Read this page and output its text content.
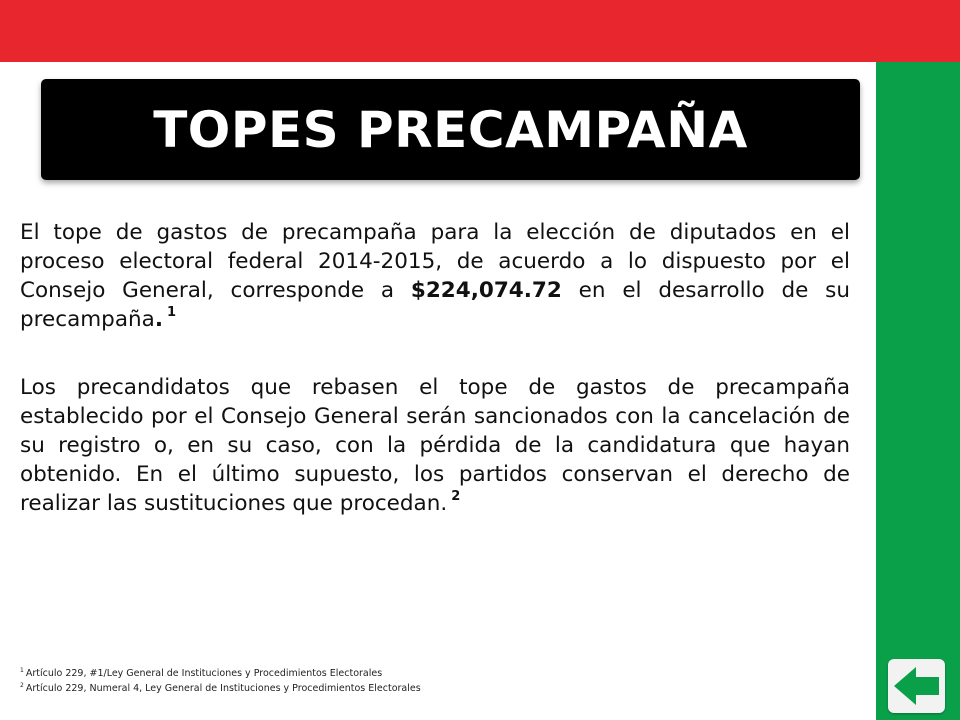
TOPES PRECAMPAÑA
El tope de gastos de precampaña para la elección de diputados en el proceso electoral federal 2014-2015, de acuerdo a lo dispuesto por el Consejo General, corresponde a $224,074.72 en el desarrollo de su precampaña. $^1$
Los precandidatos que rebasen el tope de gastos de precampaña establecido por el Consejo General serán sancionados con la cancelación de su registro o, en su caso, con la pérdida de la candidatura que hayan obtenido. En el último supuesto, los partidos conservan el derecho de realizar las sustituciones que procedan. $^2$
$^1$ Artículo 229, #1/Ley General de Instituciones y Procedimientos Electorales
$^2$ Artículo 229, Numeral 4, Ley General de Instituciones y Procedimientos Electorales
